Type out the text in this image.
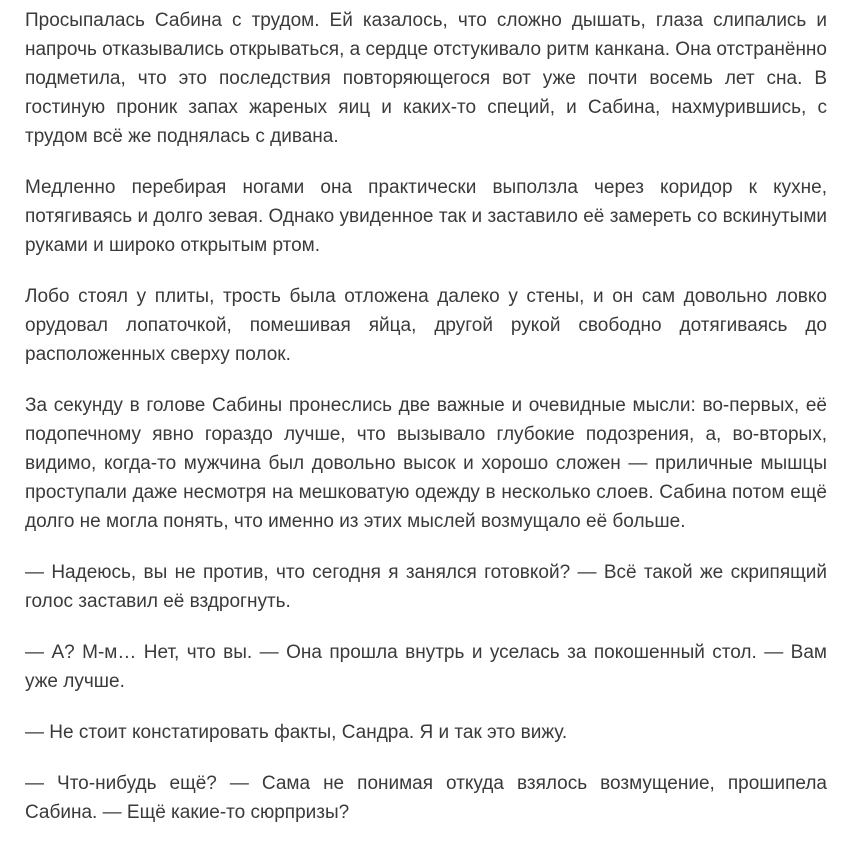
Просыпалась Сабина с трудом. Ей казалось, что сложно дышать, глаза слипались и напрочь отказывались открываться, а сердце отстукивало ритм канкана. Она отстранённо подметила, что это последствия повторяющегося вот уже почти восемь лет сна. В гостиную проник запах жареных яиц и каких-то специй, и Сабина, нахмурившись, с трудом всё же поднялась с дивана.

Медленно перебирая ногами она практически выползла через коридор к кухне, потягиваясь и долго зевая. Однако увиденное так и заставило её замереть со вскинутыми руками и широко открытым ртом.

Лобо стоял у плиты, трость была отложена далеко у стены, и он сам довольно ловко орудовал лопаточкой, помешивая яйца, другой рукой свободно дотягиваясь до расположенных сверху полок.

За секунду в голове Сабины пронеслись две важные и очевидные мысли: во-первых, её подопечному явно гораздо лучше, что вызывало глубокие подозрения, а, во-вторых, видимо, когда-то мужчина был довольно высок и хорошо сложен — приличные мышцы проступали даже несмотря на мешковатую одежду в несколько слоев. Сабина потом ещё долго не могла понять, что именно из этих мыслей возмущало её больше.

— Надеюсь, вы не против, что сегодня я занялся готовкой? — Всё такой же скрипящий голос заставил её вздрогнуть.

— А? М-м… Нет, что вы. — Она прошла внутрь и уселась за покошенный стол. — Вам уже лучше.

— Не стоит констатировать факты, Сандра. Я и так это вижу.

— Что-нибудь ещё? — Сама не понимая откуда взялось возмущение, прошипела Сабина. — Ещё какие-то сюрпризы?
